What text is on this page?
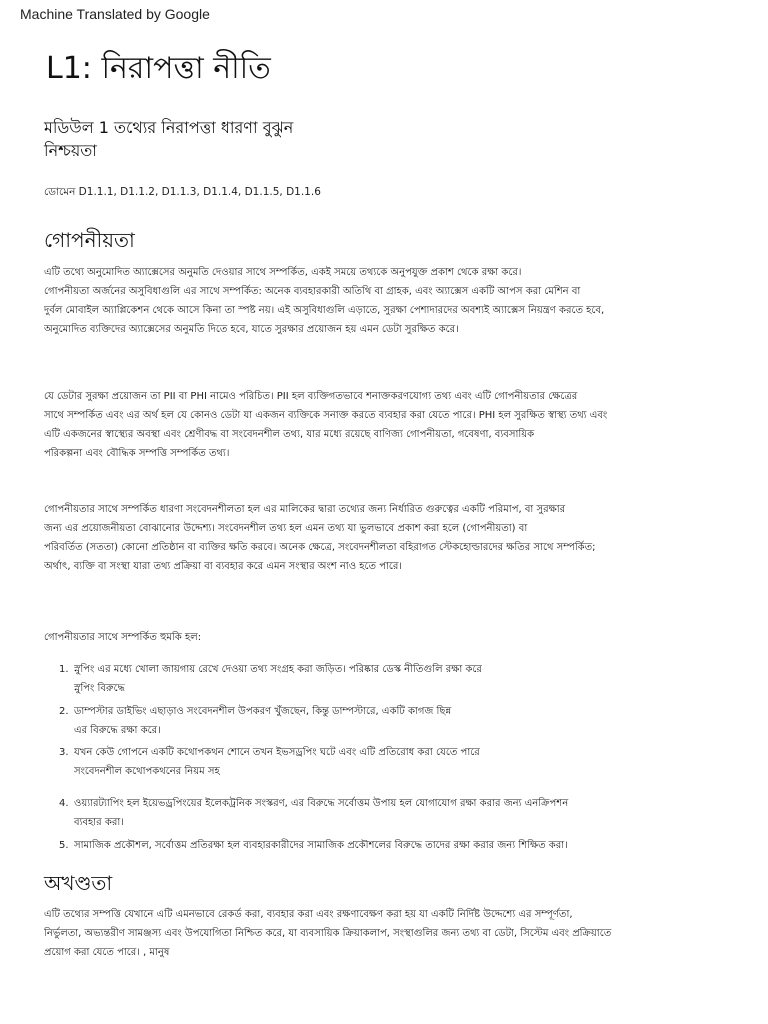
Machine Translated by Google
L1: নিরাপত্তা নীতি
মডিউল 1 তথ্যের নিরাপত্তা ধারণা বুঝুন
নিশ্চয়তা
ডোমেন D1.1.1, D1.1.2, D1.1.3, D1.1.4, D1.1.5, D1.1.6
গোপনীয়তা

এটি তথ্যে অনুমোদিত অ্যাক্সেসের অনুমতি দেওয়ার সাথে সম্পর্কিত, একই সময়ে তথ্যকে অনুপযুক্ত প্রকাশ থেকে রক্ষা করে।
গোপনীয়তা অর্জনের অসুবিধাগুলি এর সাথে সম্পর্কিত: অনেক ব্যবহারকারী অতিথি বা গ্রাহক, এবং অ্যাক্সেস একটি আপস করা মেশিন বা
দুর্বল মোবাইল অ্যাপ্লিকেশন থেকে আসে কিনা তা স্পষ্ট নয়। এই অসুবিধাগুলি এড়াতে, সুরক্ষা পেশাদারদের অবশ্যই অ্যাক্সেস নিয়ন্ত্রণ করতে হবে,
অনুমোদিত ব্যক্তিদের অ্যাক্সেসের অনুমতি দিতে হবে, যাতে সুরক্ষার প্রয়োজন হয় এমন ডেটা সুরক্ষিত করে।

যে ডেটার সুরক্ষা প্রয়োজন তা PII বা PHI নামেও পরিচিত। PII হল ব্যক্তিগতভাবে শনাক্তকরণযোগ্য তথ্য এবং এটি গোপনীয়তার ক্ষেত্রের
সাথে সম্পর্কিত এবং এর অর্থ হল যে কোনও ডেটা যা একজন ব্যক্তিকে সনাক্ত করতে ব্যবহার করা যেতে পারে। PHI হল সুরক্ষিত স্বাস্থ্য তথ্য এবং
এটি একজনের স্বাস্থ্যের অবস্থা এবং শ্রেণীবদ্ধ বা সংবেদনশীল তথ্য, যার মধ্যে রয়েছে বাণিজ্য গোপনীয়তা, গবেষণা, ব্যবসায়িক
পরিকল্পনা এবং বৌদ্ধিক সম্পত্তি সম্পর্কিত তথ্য।

গোপনীয়তার সাথে সম্পর্কিত ধারণা সংবেদনশীলতা হল এর মালিকের দ্বারা তথ্যের জন্য নির্ধারিত গুরুত্বের একটি পরিমাপ, বা সুরক্ষার
জন্য এর প্রয়োজনীয়তা বোঝানোর উদ্দেশ্য। সংবেদনশীল তথ্য হল এমন তথ্য যা ভুলভাবে প্রকাশ করা হলে (গোপনীয়তা) বা
পরিবর্তিত (সততা) কোনো প্রতিষ্ঠান বা ব্যক্তির ক্ষতি করবে। অনেক ক্ষেত্রে, সংবেদনশীলতা বহিরাগত স্টেকহোল্ডারদের ক্ষতির সাথে সম্পর্কিত;
অর্থাৎ, ব্যক্তি বা সংস্থা যারা তথ্য প্রক্রিয়া বা ব্যবহার করে এমন সংস্থার অংশ নাও হতে পারে।

গোপনীয়তার সাথে সম্পর্কিত হুমকি হল:
1. স্নুপিং এর মধ্যে খোলা জায়গায় রেখে দেওয়া তথ্য সংগ্রহ করা জড়িত। পরিষ্কার ডেস্ক নীতিগুলি রক্ষা করে
স্নুপিং বিরুদ্ধে
2. ডাম্পস্টার ডাইভিং এছাড়াও সংবেদনশীল উপকরণ খুঁজছেন, কিন্তু ডাম্পস্টারে, একটি কাগজ ছিন্ন
এর বিরুদ্ধে রক্ষা করে।
3. যখন কেউ গোপনে একটি কথোপকথন শোনে তখন ইভসড্রপিং ঘটে এবং এটি প্রতিরোধ করা যেতে পারে
সংবেদনশীল কথোপকথনের নিয়ম সহ
4. ওয়্যারট্যাপিং হল ইয়েভড্রপিংয়ের ইলেকট্রনিক সংস্করণ, এর বিরুদ্ধে সর্বোত্তম উপায় হল যোগাযোগ রক্ষা করার জন্য এনক্রিপশন
ব্যবহার করা।
5. সামাজিক প্রকৌশল, সর্বোত্তম প্রতিরক্ষা হল ব্যবহারকারীদের সামাজিক প্রকৌশলের বিরুদ্ধে তাদের রক্ষা করার জন্য শিক্ষিত করা।
অখণ্ডতা

এটি তথ্যের সম্পত্তি যেখানে এটি এমনভাবে রেকর্ড করা, ব্যবহার করা এবং রক্ষণাবেক্ষণ করা হয় যা একটি নির্দিষ্ট উদ্দেশ্যে এর সম্পূর্ণতা,
নির্ভুলতা, অভ্যন্তরীণ সামঞ্জস্য এবং উপযোগিতা নিশ্চিত করে, যা ব্যবসায়িক ক্রিয়াকলাপ, সংস্থাগুলির জন্য তথ্য বা ডেটা, সিস্টেম এবং প্রক্রিয়াতে
প্রয়োগ করা যেতে পারে। , মানুষ
